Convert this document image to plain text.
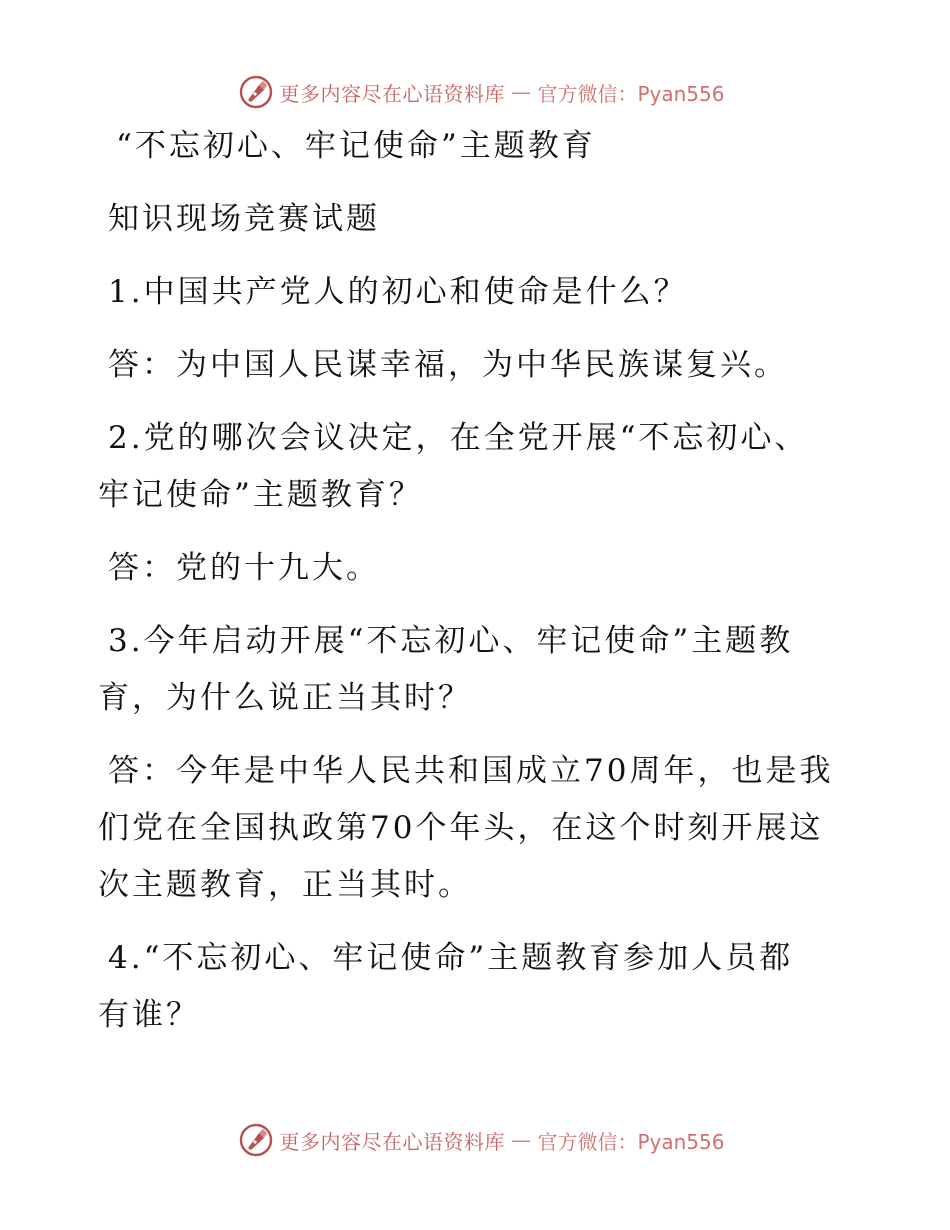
更多内容尽在心语资料库 — 官方微信：Pyan556
“不忘初心、牢记使命”主题教育
知识现场竞赛试题
1.中国共产党人的初心和使命是什么？
答：为中国人民谋幸福，为中华民族谋复兴。
2.党的哪次会议决定，在全党开展“不忘初心、
牢记使命”主题教育？
答：党的十九大。
3.今年启动开展“不忘初心、牢记使命”主题教
育，为什么说正当其时？
答：今年是中华人民共和国成立70周年，也是我
们党在全国执政第70个年头，在这个时刻开展这
次主题教育，正当其时。
4.“不忘初心、牢记使命”主题教育参加人员都
有谁？
更多内容尽在心语资料库 — 官方微信：Pyan556
